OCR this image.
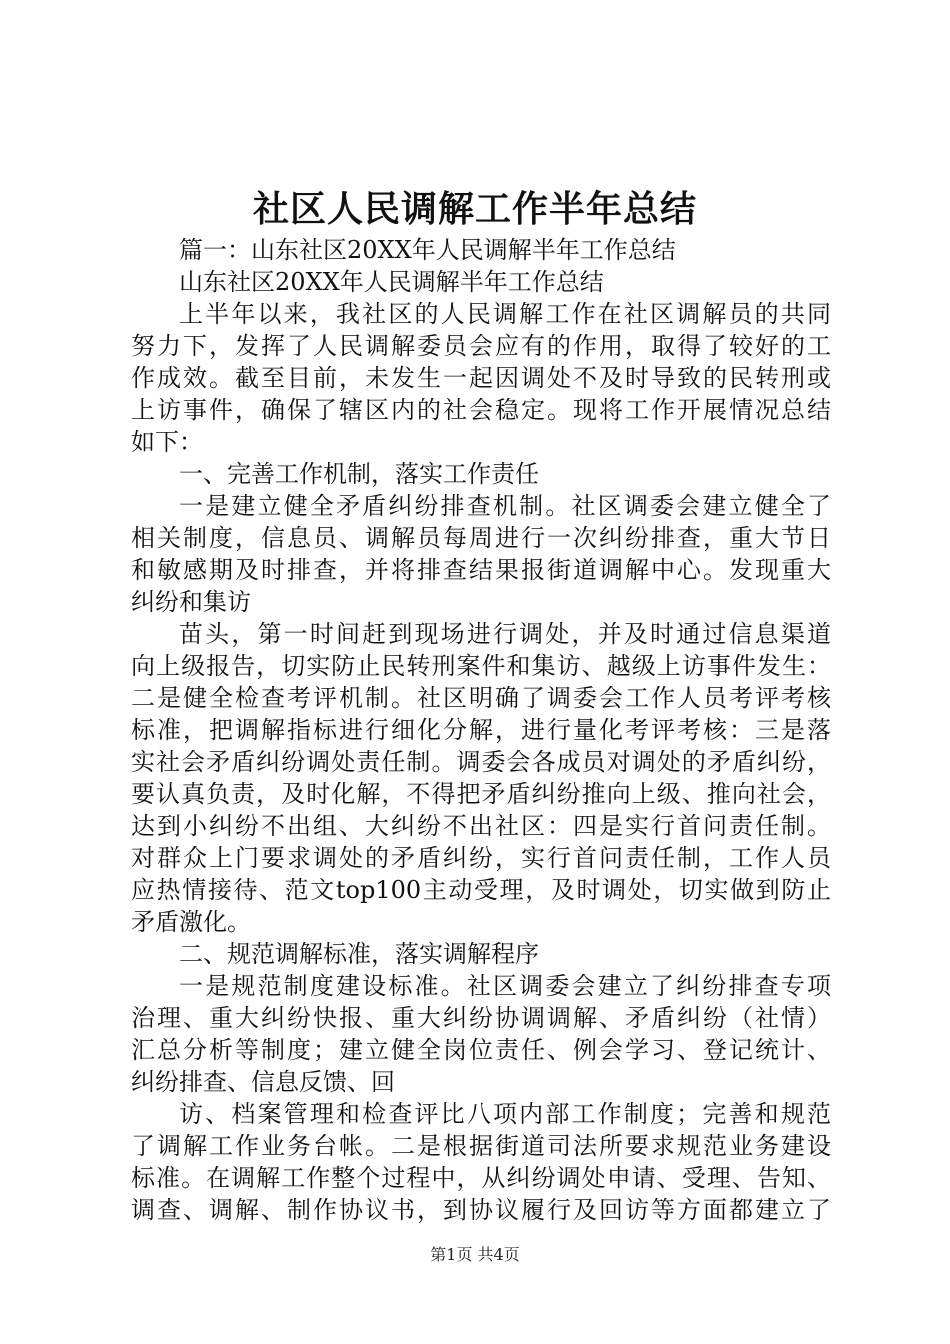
社区人民调解工作半年总结
篇一：山东社区20XX年人民调解半年工作总结
山东社区20XX年人民调解半年工作总结
上半年以来，我社区的人民调解工作在社区调解员的共同
努力下，发挥了人民调解委员会应有的作用，取得了较好的工
作成效。截至目前，未发生一起因调处不及时导致的民转刑或
上访事件，确保了辖区内的社会稳定。现将工作开展情况总结
如下：
一、完善工作机制，落实工作责任
一是建立健全矛盾纠纷排查机制。社区调委会建立健全了
相关制度，信息员、调解员每周进行一次纠纷排查，重大节日
和敏感期及时排查，并将排查结果报街道调解中心。发现重大
纠纷和集访
苗头，第一时间赶到现场进行调处，并及时通过信息渠道
向上级报告，切实防止民转刑案件和集访、越级上访事件发生：
二是健全检查考评机制。社区明确了调委会工作人员考评考核
标准，把调解指标进行细化分解，进行量化考评考核：三是落
实社会矛盾纠纷调处责任制。调委会各成员对调处的矛盾纠纷，
要认真负责，及时化解，不得把矛盾纠纷推向上级、推向社会，
达到小纠纷不出组、大纠纷不出社区：四是实行首问责任制。
对群众上门要求调处的矛盾纠纷，实行首问责任制，工作人员
应热情接待、范文top100主动受理，及时调处，切实做到防止
矛盾激化。
二、规范调解标准，落实调解程序
一是规范制度建设标准。社区调委会建立了纠纷排查专项
治理、重大纠纷快报、重大纠纷协调调解、矛盾纠纷（社情）
汇总分析等制度；建立健全岗位责任、例会学习、登记统计、
纠纷排查、信息反馈、回
访、档案管理和检查评比八项内部工作制度；完善和规范
了调解工作业务台帐。二是根据街道司法所要求规范业务建设
标准。在调解工作整个过程中，从纠纷调处申请、受理、告知、
调查、调解、制作协议书，到协议履行及回访等方面都建立了
第1页 共4页
